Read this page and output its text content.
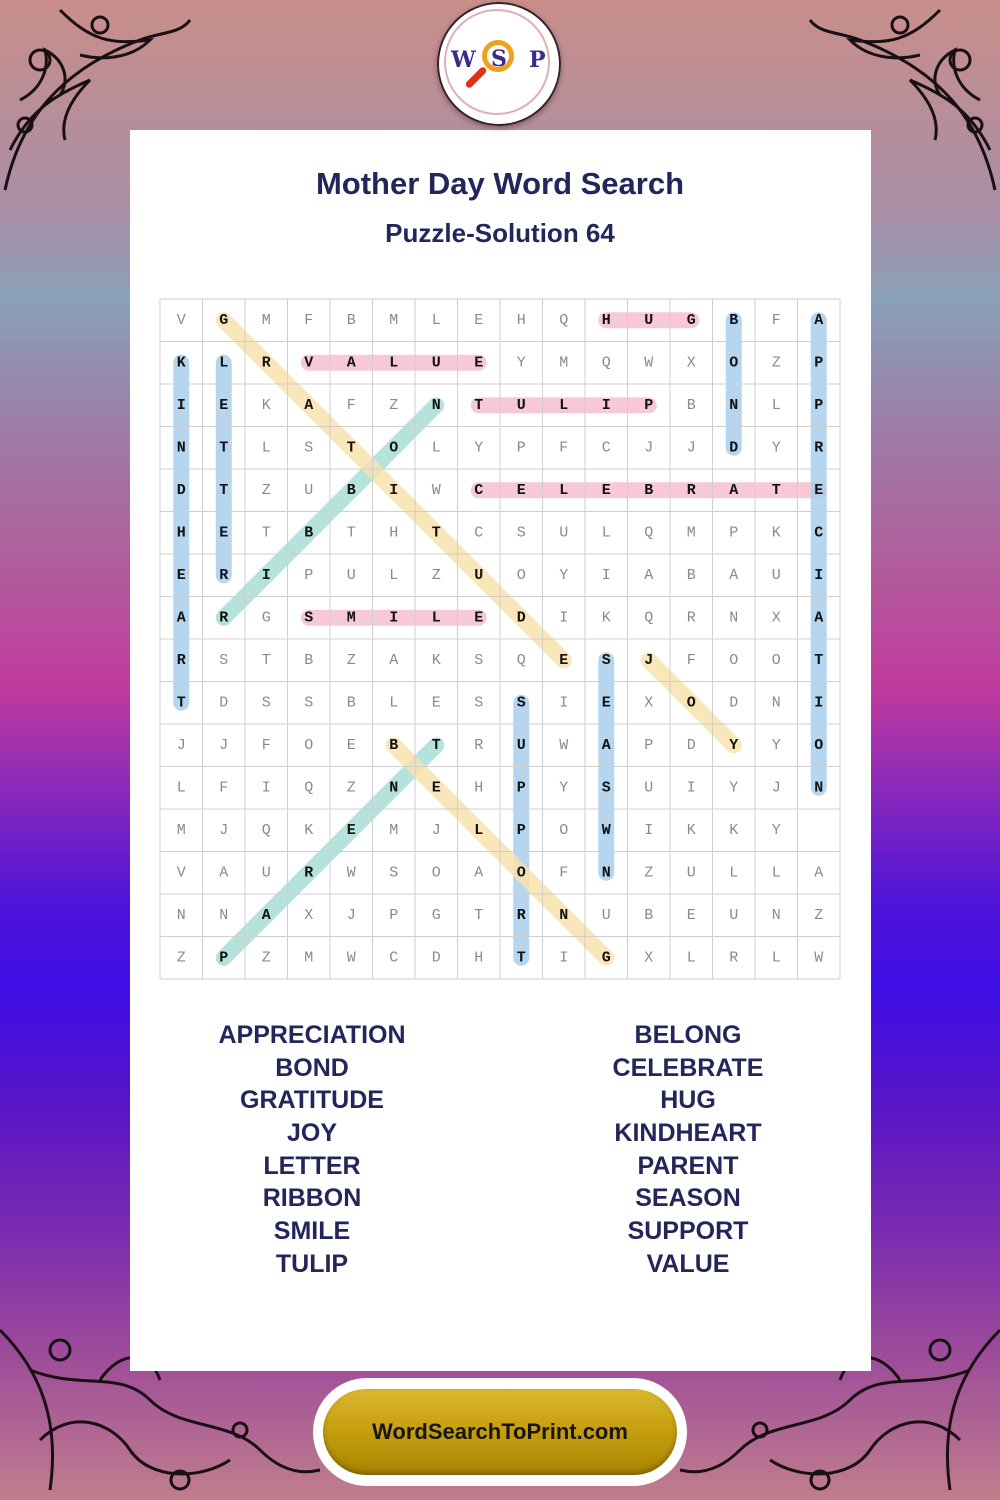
W S P
Mother Day Word Search
Puzzle-Solution 64
V G M F B M L E H Q H U G B F A
K L R V A L U E Y M Q W X O Z P
I E K A F Z N T U L I P B N L P
N T L S T O L Y P F C J J D Y R
D T Z U B I W C E L E B R A T E
H E T B T H T C S U L Q M P K C
E R I P U L Z U O Y I A B A U I
A R G S M I L E D I K Q R N X A
R S T B Z A K S Q E S J F O O T
T D S S B L E S S I E X O D N I
J J F O E B T R U W A P D Y Y O
L F I Q Z N E H P Y S U I Y J N
M J Q K E M J L P O W I K K Y
V A U R W S O A O F N Z U L L A
N N A X J P G T R N U B E U N Z
Z P Z M W C D H T I G X L R L W
APPRECIATION
BOND
GRATITUDE
JOY
LETTER
RIBBON
SMILE
TULIP
BELONG
CELEBRATE
HUG
KINDHEART
PARENT
SEASON
SUPPORT
VALUE
WordSearchToPrint.com
